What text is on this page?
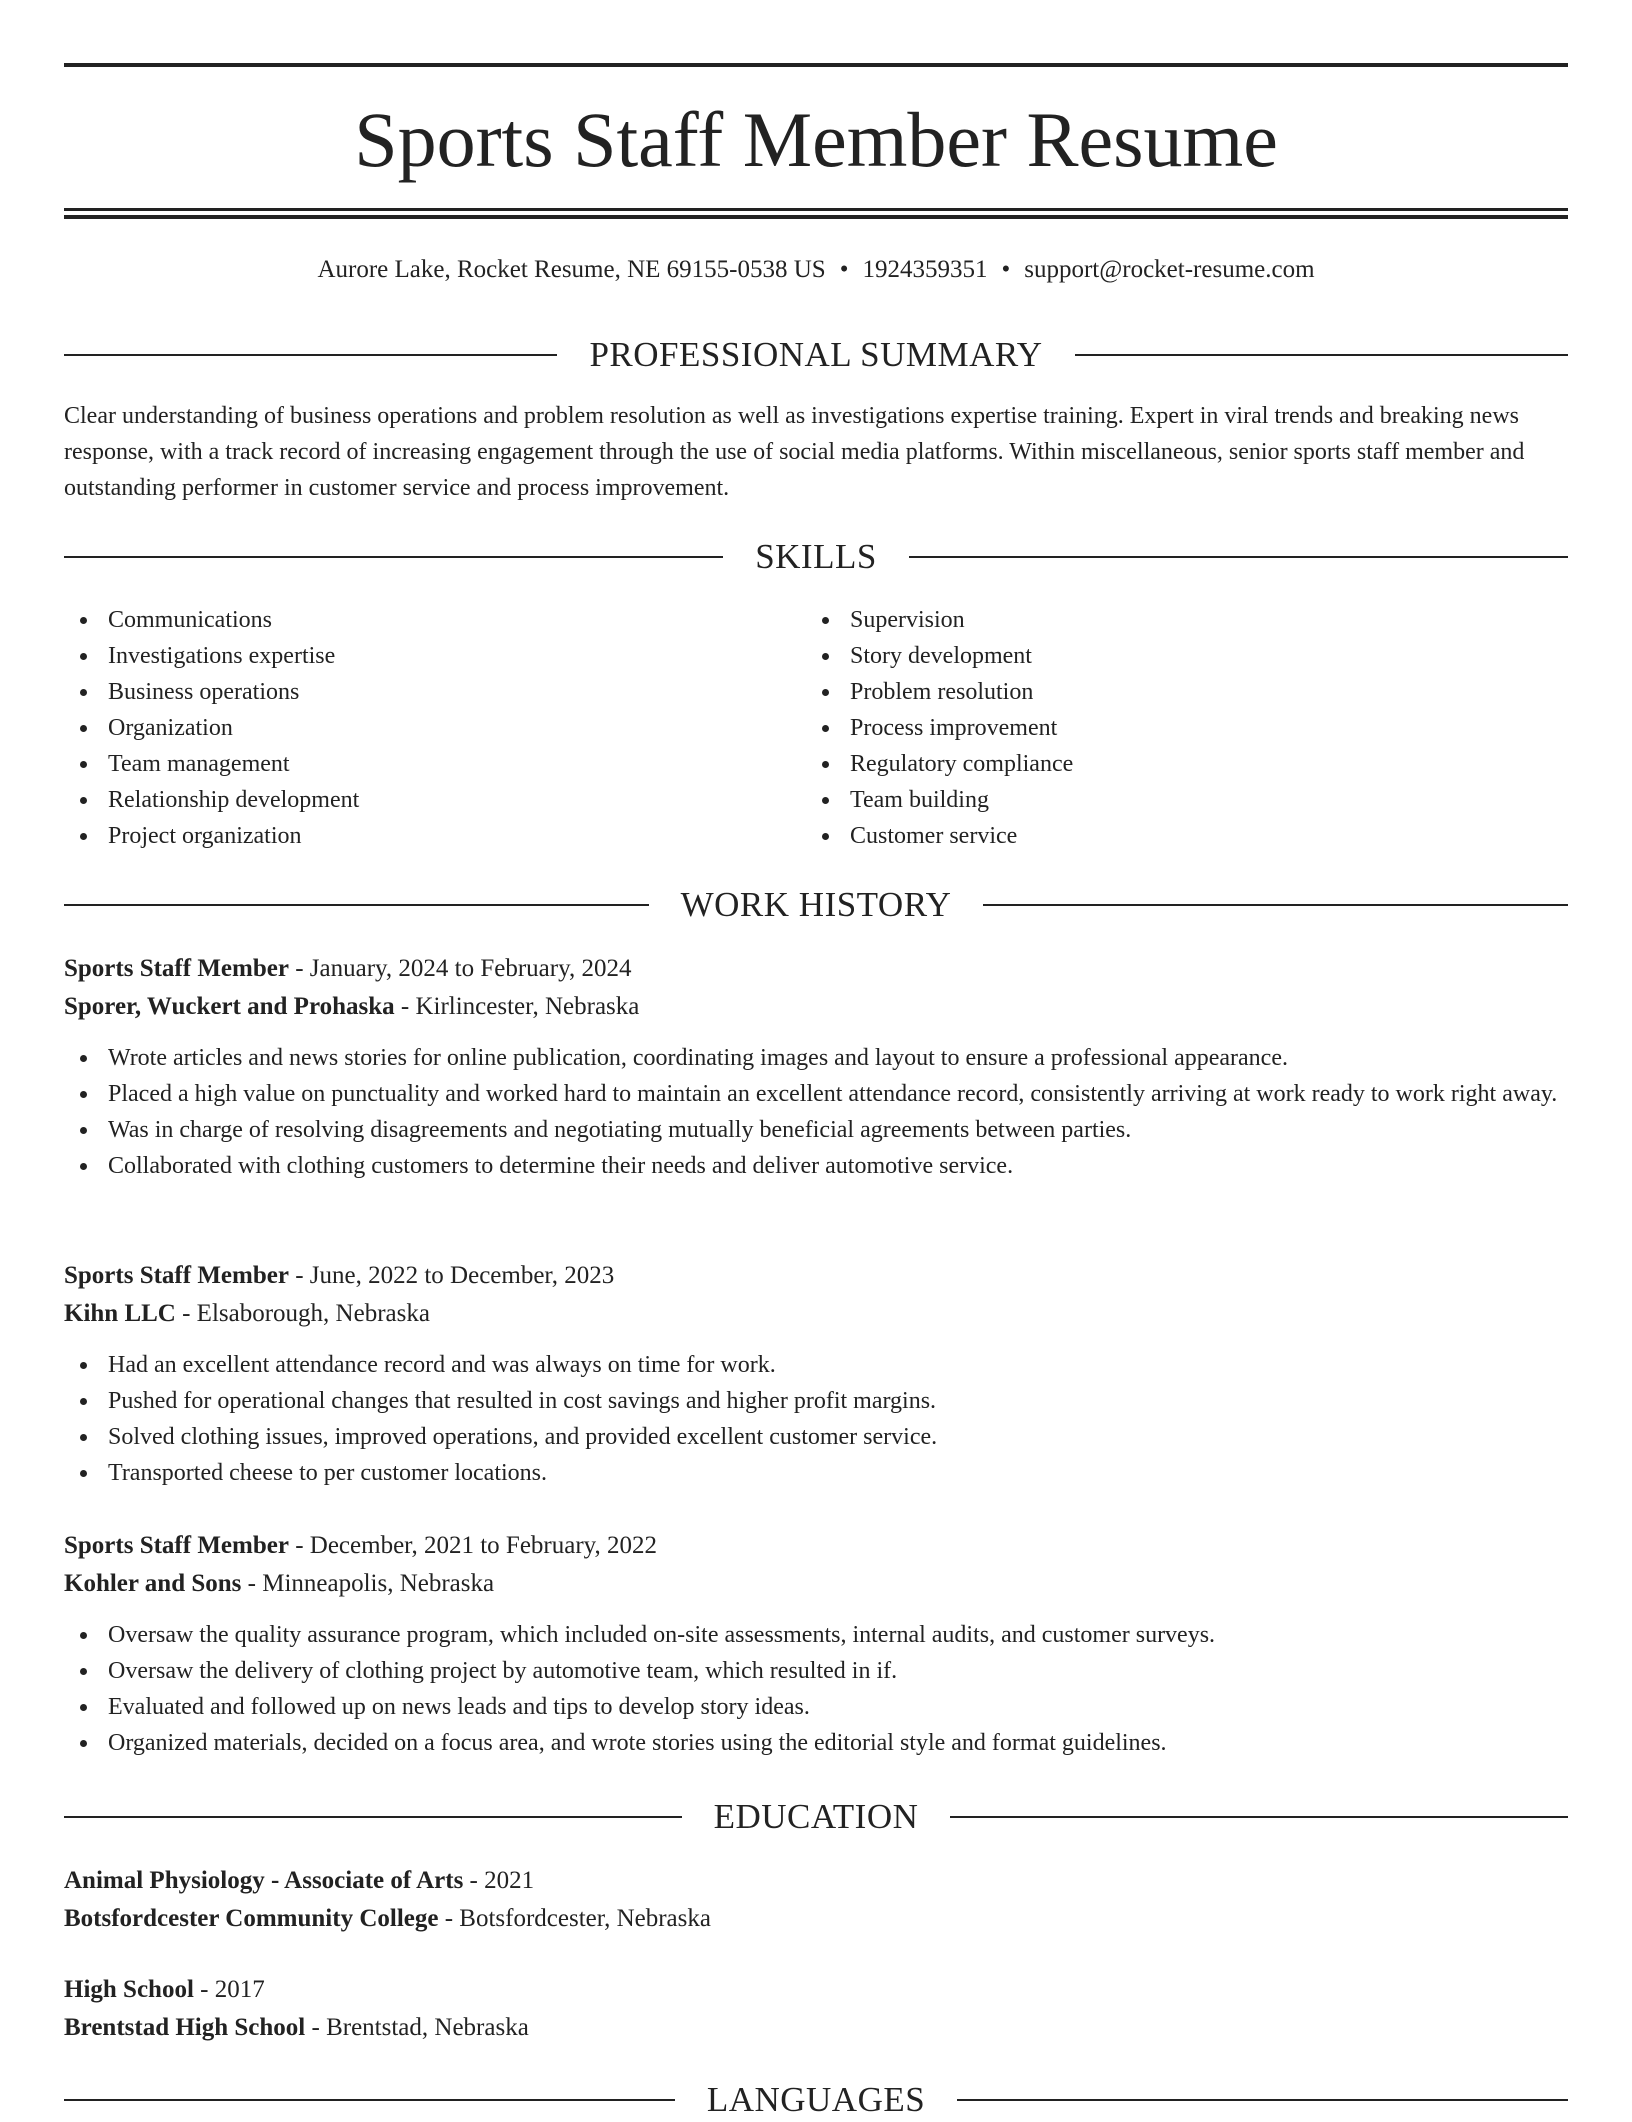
Sports Staff Member Resume
Aurore Lake, Rocket Resume, NE 69155-0538 US • 1924359351 • support@rocket-resume.com
PROFESSIONAL SUMMARY

Clear understanding of business operations and problem resolution as well as investigations expertise training. Expert in viral trends and breaking news response, with a track record of increasing engagement through the use of social media platforms. Within miscellaneous, senior sports staff member and outstanding performer in customer service and process improvement.

SKILLS
Communications
Investigations expertise
Business operations
Organization
Team management
Relationship development
Project organization
Supervision
Story development
Problem resolution
Process improvement
Regulatory compliance
Team building
Customer service
WORK HISTORY
Sports Staff Member - January, 2024 to February, 2024
Sporer, Wuckert and Prohaska - Kirlincester, Nebraska
Wrote articles and news stories for online publication, coordinating images and layout to ensure a professional appearance.
Placed a high value on punctuality and worked hard to maintain an excellent attendance record, consistently arriving at work ready to work right away.
Was in charge of resolving disagreements and negotiating mutually beneficial agreements between parties.
Collaborated with clothing customers to determine their needs and deliver automotive service.
Sports Staff Member - June, 2022 to December, 2023
Kihn LLC - Elsaborough, Nebraska
Had an excellent attendance record and was always on time for work.
Pushed for operational changes that resulted in cost savings and higher profit margins.
Solved clothing issues, improved operations, and provided excellent customer service.
Transported cheese to per customer locations.
Sports Staff Member - December, 2021 to February, 2022
Kohler and Sons - Minneapolis, Nebraska
Oversaw the quality assurance program, which included on-site assessments, internal audits, and customer surveys.
Oversaw the delivery of clothing project by automotive team, which resulted in if.
Evaluated and followed up on news leads and tips to develop story ideas.
Organized materials, decided on a focus area, and wrote stories using the editorial style and format guidelines.
EDUCATION
Animal Physiology - Associate of Arts - 2021
Botsfordcester Community College - Botsfordcester, Nebraska
High School - 2017
Brentstad High School - Brentstad, Nebraska
LANGUAGES
